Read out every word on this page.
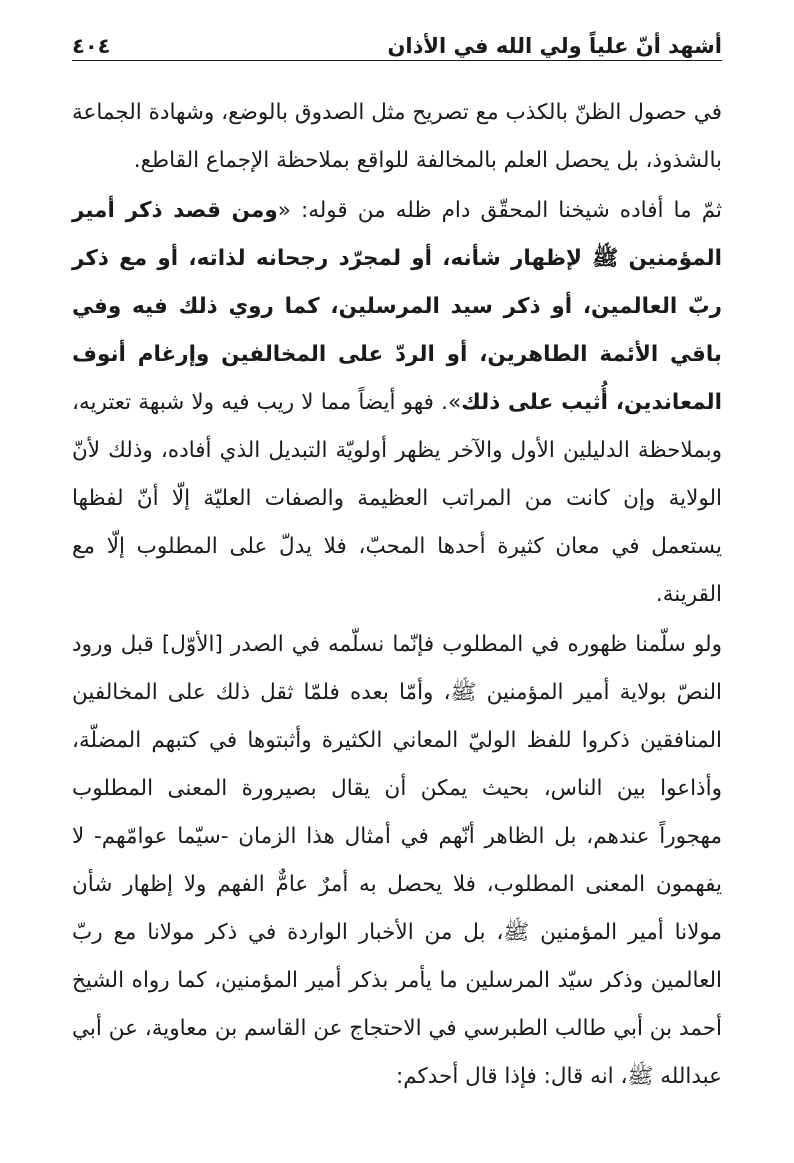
أشهد أنّ علياً ولي الله في الأذان
٤٠٤

في حصول الظنّ بالكذب مع تصريح مثل الصدوق بالوضع، وشهادة الجماعة بالشذوذ، بل يحصل العلم بالمخالفة للواقع بملاحظة الإجماع القاطع.

ثمّ ما أفاده شيخنا المحقّق دام ظله من قوله: «ومن قصد ذكر أمير المؤمنين ﷺ لإظهار شأنه، أو لمجرّد رجحانه لذاته، أو مع ذكر ربّ العالمين، أو ذكر سيد المرسلين، كما روي ذلك فيه وفي باقي الأئمة الطاهرين، أو الردّ على المخالفين وإرغام أنوف المعاندين، أُثيب على ذلك». فهو أيضاً مما لا ريب فيه ولا شبهة تعتريه، وبملاحظة الدليلين الأول والآخر يظهر أولويّة التبديل الذي أفاده، وذلك لأنّ الولاية وإن كانت من المراتب العظيمة والصفات العليّة إلّا أنّ لفظها يستعمل في معان كثيرة أحدها المحبّ، فلا يدلّ على المطلوب إلّا مع القرينة.

ولو سلّمنا ظهوره في المطلوب فإنّما نسلّمه في الصدر [الأوّل] قبل ورود النصّ بولاية أمير المؤمنين ﷺ، وأمّا بعده فلمّا ثقل ذلك على المخالفين المنافقين ذكروا للفظ الوليّ المعاني الكثيرة وأثبتوها في كتبهم المضلّة، وأذاعوا بين الناس، بحيث يمكن أن يقال بصيرورة المعنى المطلوب مهجوراً عندهم، بل الظاهر أنّهم في أمثال هذا الزمان -سيّما عوامّهم- لا يفهمون المعنى المطلوب، فلا يحصل به أمرٌ عامٌّ الفهم ولا إظهار شأن مولانا أمير المؤمنين ﷺ، بل من الأخبار الواردة في ذكر مولانا مع ربّ العالمين وذكر سيّد المرسلين ما يأمر بذكر أمير المؤمنين، كما رواه الشيخ أحمد بن أبي طالب الطبرسي في الاحتجاج عن القاسم بن معاوية، عن أبي عبدالله ﷺ، انه قال: فإذا قال أحدكم:
